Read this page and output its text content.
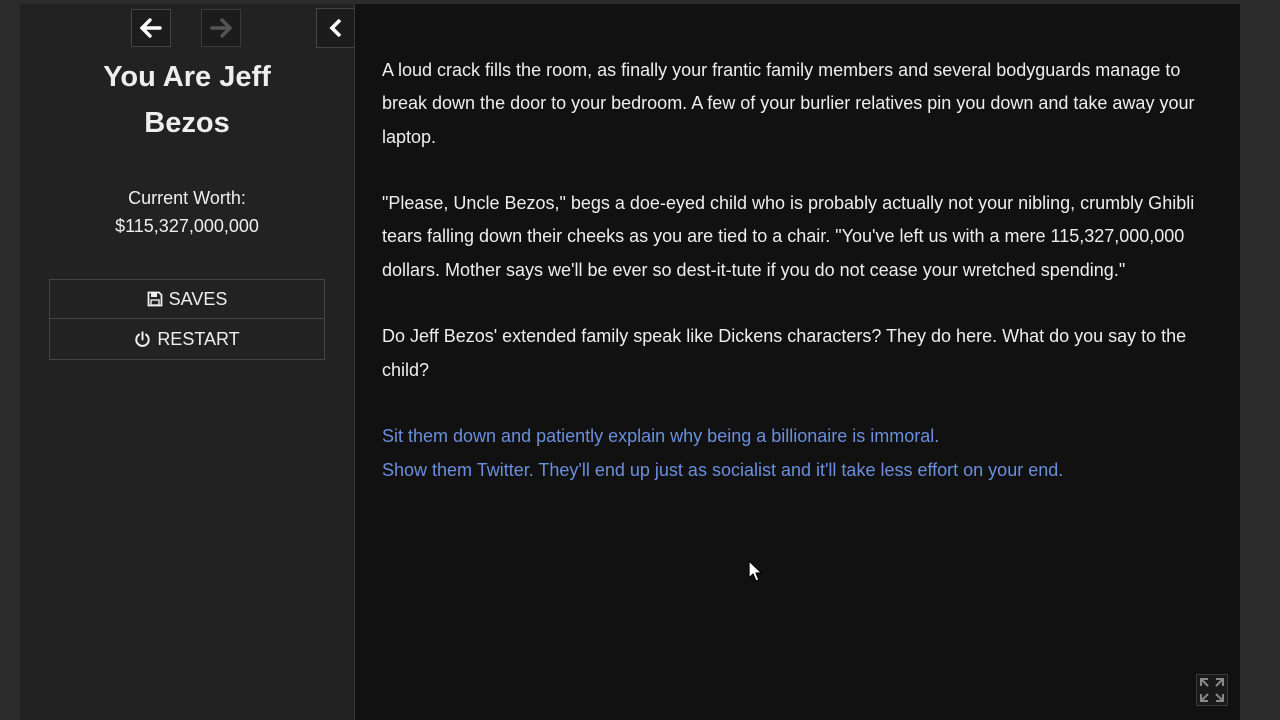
You Are Jeff Bezos
Current Worth:
$115,327,000,000
SAVES
RESTART

A loud crack fills the room, as finally your frantic family members and several bodyguards manage to break down the door to your bedroom. A few of your burlier relatives pin you down and take away your laptop.

"Please, Uncle Bezos," begs a doe-eyed child who is probably actually not your nibling, crumbly Ghibli tears falling down their cheeks as you are tied to a chair. "You've left us with a mere 115,327,000,000 dollars. Mother says we'll be ever so dest-it-tute if you do not cease your wretched spending."

Do Jeff Bezos' extended family speak like Dickens characters? They do here. What do you say to the child?

Sit them down and patiently explain why being a billionaire is immoral.
Show them Twitter. They'll end up just as socialist and it'll take less effort on your end.
